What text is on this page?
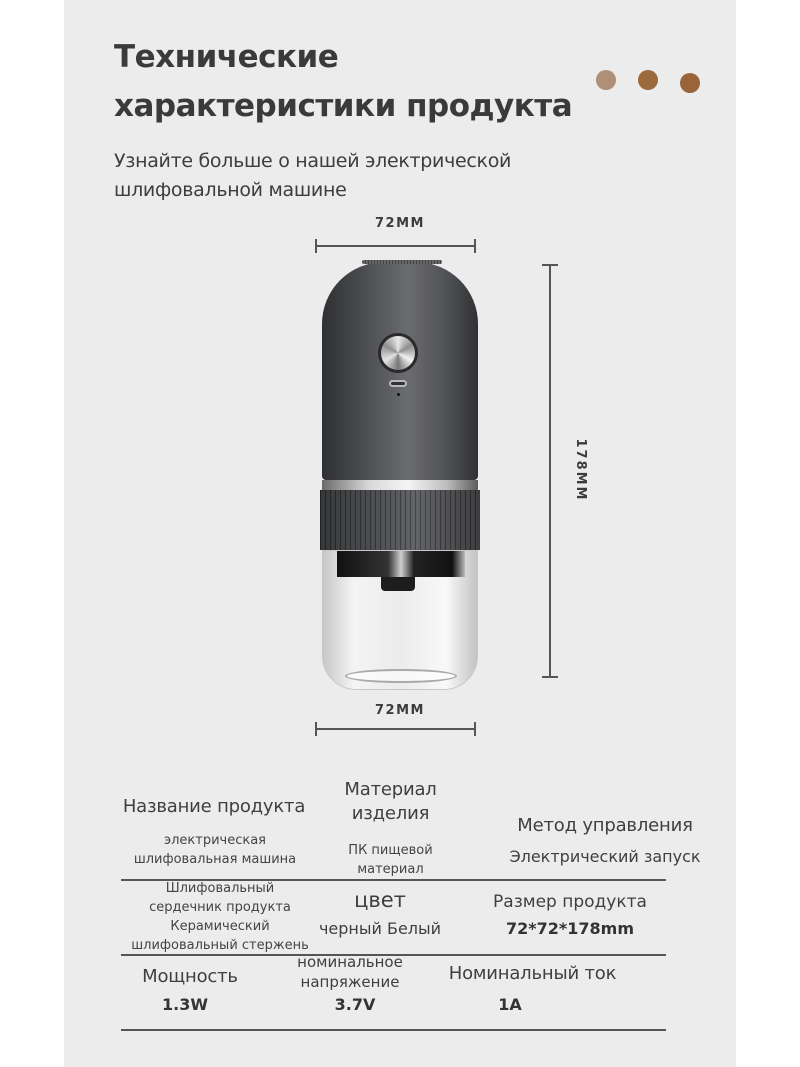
Технические
характеристики продукта
Узнайте больше о нашей электрической
шлифовальной машине
72MM
178MM
72MM
Название продукта
электрическая
шлифовальная машина
Материал
изделия
ПК пищевой
материал
Метод управления
Электрический запуск
Шлифовальный
сердечник продукта
Керамический
шлифовальный стержень
цвет
черный Белый
Размер продукта
72*72*178mm
Мощность
1.3W
номинальное
напряжение
3.7V
Номинальный ток
1A
